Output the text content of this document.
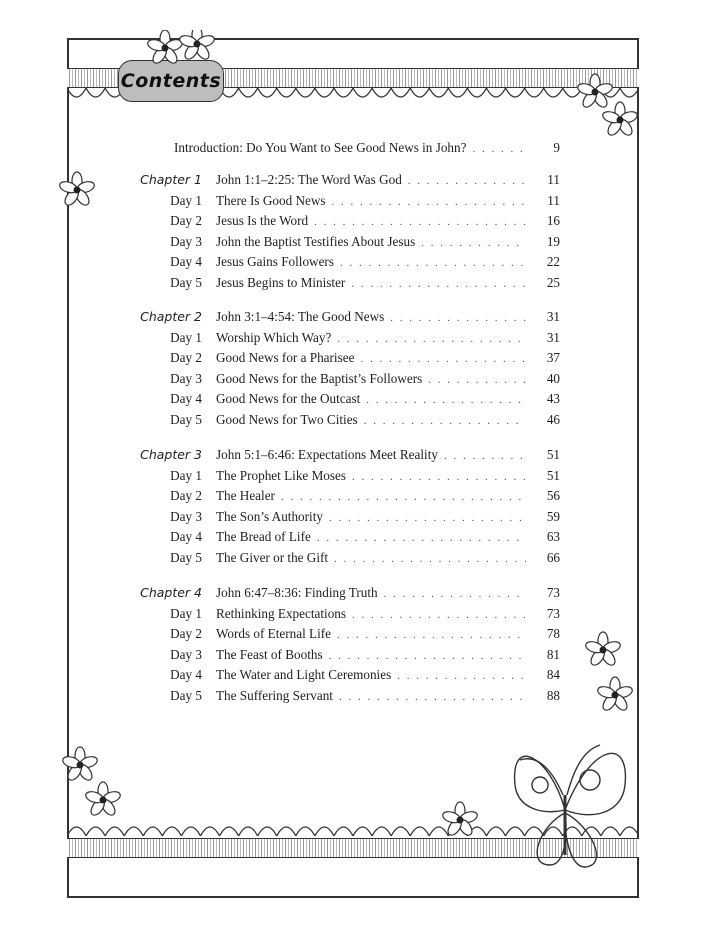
Contents
Introduction: Do You Want to See Good News in John? . . .	9
Chapter 1	John 1:1–2:25: The Word Was God . . .	11
Day 1	There Is Good News . . .	11
Day 2	Jesus Is the Word . . .	16
Day 3	John the Baptist Testifies About Jesus . . .	19
Day 4	Jesus Gains Followers . . .	22
Day 5	Jesus Begins to Minister . . .	25
Chapter 2	John 3:1–4:54: The Good News . . .	31
Day 1	Worship Which Way? . . .	31
Day 2	Good News for a Pharisee . . .	37
Day 3	Good News for the Baptist’s Followers . . .	40
Day 4	Good News for the Outcast . . .	43
Day 5	Good News for Two Cities . . .	46
Chapter 3	John 5:1–6:46: Expectations Meet Reality . . .	51
Day 1	The Prophet Like Moses . . .	51
Day 2	The Healer . . .	56
Day 3	The Son’s Authority . . .	59
Day 4	The Bread of Life . . .	63
Day 5	The Giver or the Gift . . .	66
Chapter 4	John 6:47–8:36: Finding Truth . . .	73
Day 1	Rethinking Expectations . . .	73
Day 2	Words of Eternal Life . . .	78
Day 3	The Feast of Booths . . .	81
Day 4	The Water and Light Ceremonies . . .	84
Day 5	The Suffering Servant . . .	88
